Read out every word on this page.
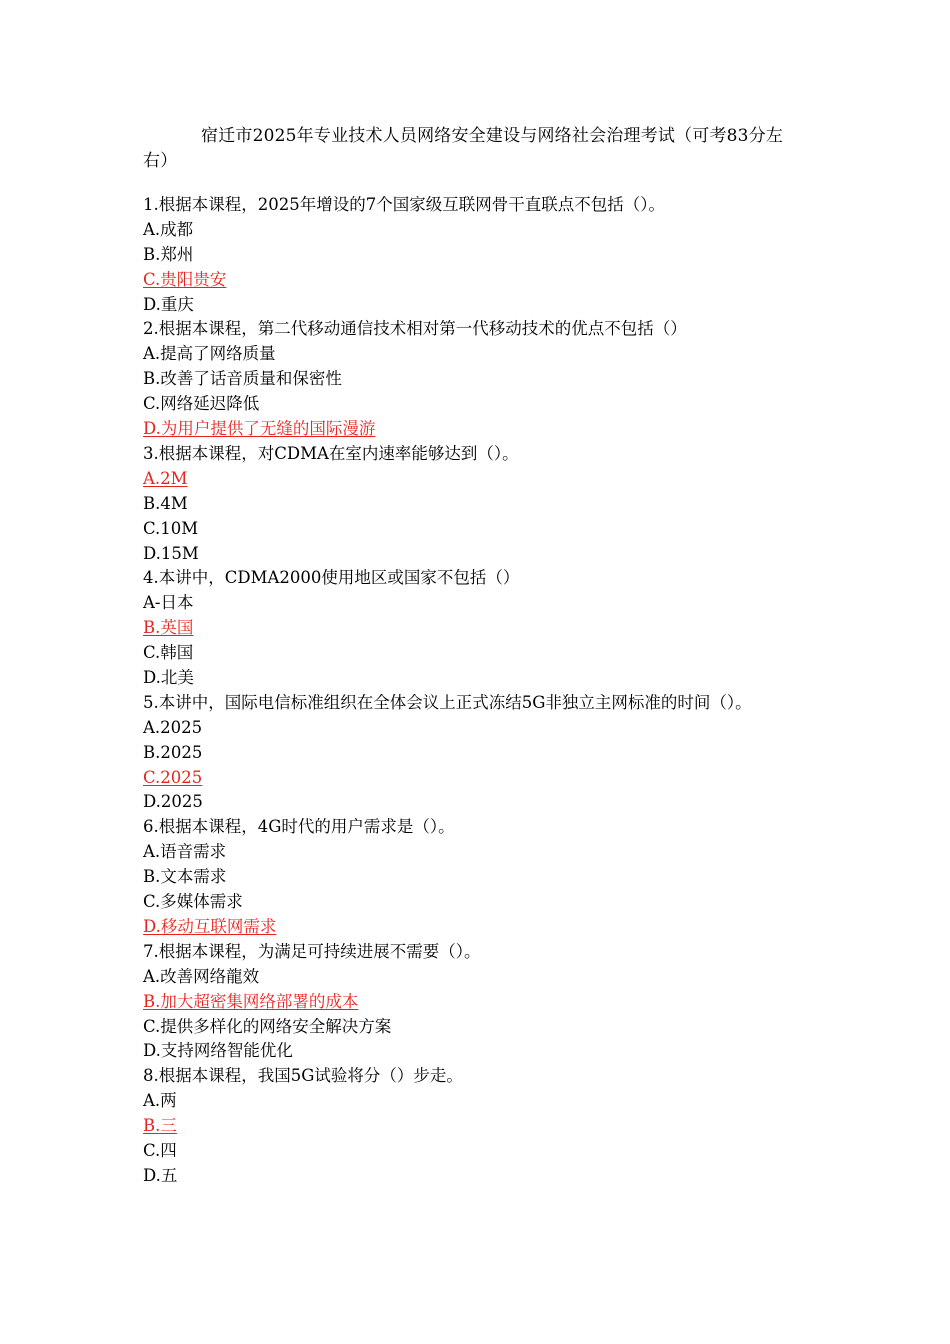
宿迁市2025年专业技术人员网络安全建设与网络社会治理考试（可考83分左右）
1.根据本课程，2025年增设的7个国家级互联网骨干直联点不包括（）。
A.成都
B.郑州
C.贵阳贵安
D.重庆
2.根据本课程，第二代移动通信技术相对第一代移动技术的优点不包括（）
A.提高了网络质量
B.改善了话音质量和保密性
C.网络延迟降低
D.为用户提供了无缝的国际漫游
3.根据本课程，对CDMA在室内速率能够达到（）。
A.2M
B.4M
C.10M
D.15M
4.本讲中，CDMA2000使用地区或国家不包括（）
A-日本
B.英国
C.韩国
D.北美
5.本讲中，国际电信标准组织在全体会议上正式冻结5G非独立主网标准的时间（）。
A.2025
B.2025
C.2025
D.2025
6.根据本课程，4G时代的用户需求是（）。
A.语音需求
B.文本需求
C.多媒体需求
D.移动互联网需求
7.根据本课程，为满足可持续进展不需要（）。
A.改善网络龍效
B.加大超密集网络部署的成本
C.提供多样化的网络安全解决方案
D.支持网络智能优化
8.根据本课程，我国5G试验将分（）步走。
A.两
B.三
C.四
D.五
